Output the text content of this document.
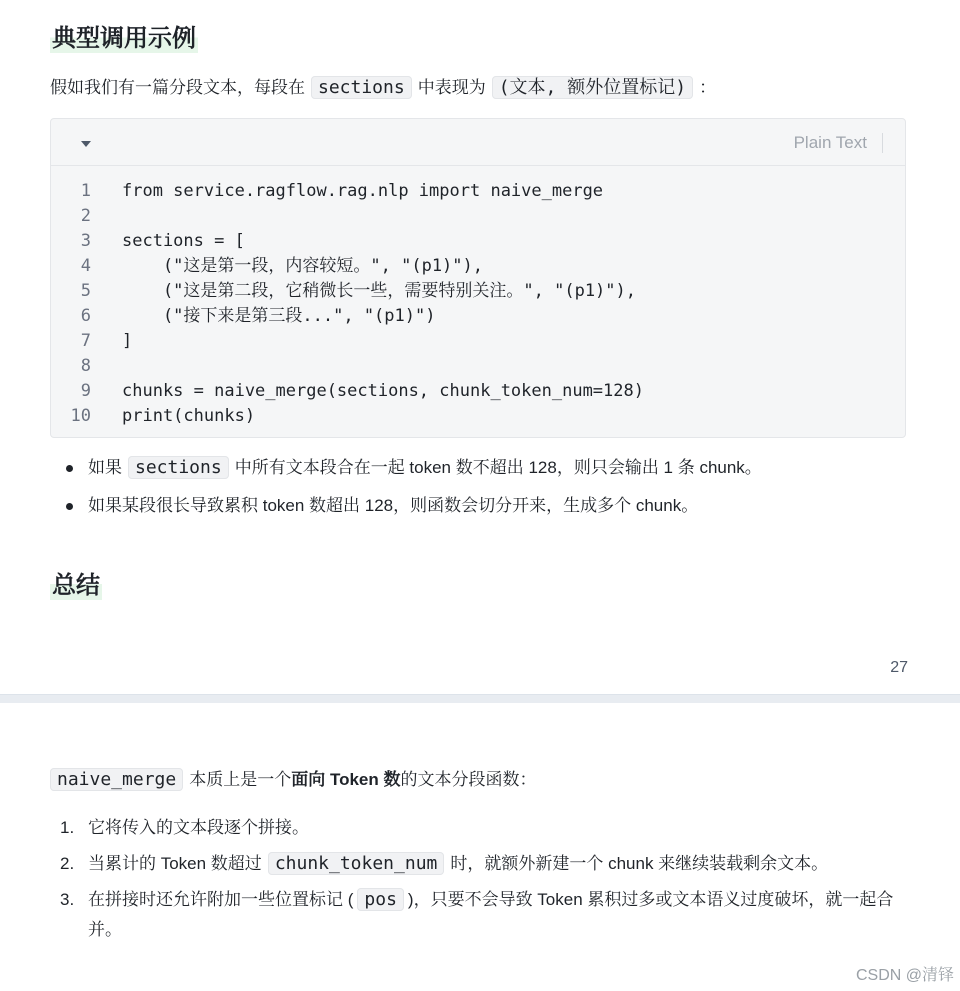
典型调用示例

假如我们有一篇分段文本，每段在 sections 中表现为 (文本, 额外位置标记) ：

Plain Text
1 from service.ragflow.rag.nlp import naive_merge
2
3 sections = [
4 ("这是第一段，内容较短。", "(p1)"),
5 ("这是第二段，它稍微长一些，需要特别关注。", "(p1)"),
6 ("接下来是第三段...", "(p1)")
7 ]
8
9 chunks = naive_merge(sections, chunk_token_num=128)
10 print(chunks)
如果 sections 中所有文本段合在一起 token 数不超出 128，则只会输出 1 条 chunk。
如果某段很长导致累积 token 数超出 128，则函数会切分开来，生成多个 chunk。
总结
27

naive_merge 本质上是一个面向 Token 数的文本分段函数：

1. 它将传入的文本段逐个拼接。
2. 当累计的 Token 数超过 chunk_token_num 时，就额外新建一个 chunk 来继续装载剩余文本。
3. 在拼接时还允许附加一些位置标记 ( pos )，只要不会导致 Token 累积过多或文本语义过度破坏，就一起合并。
CSDN @清铎
